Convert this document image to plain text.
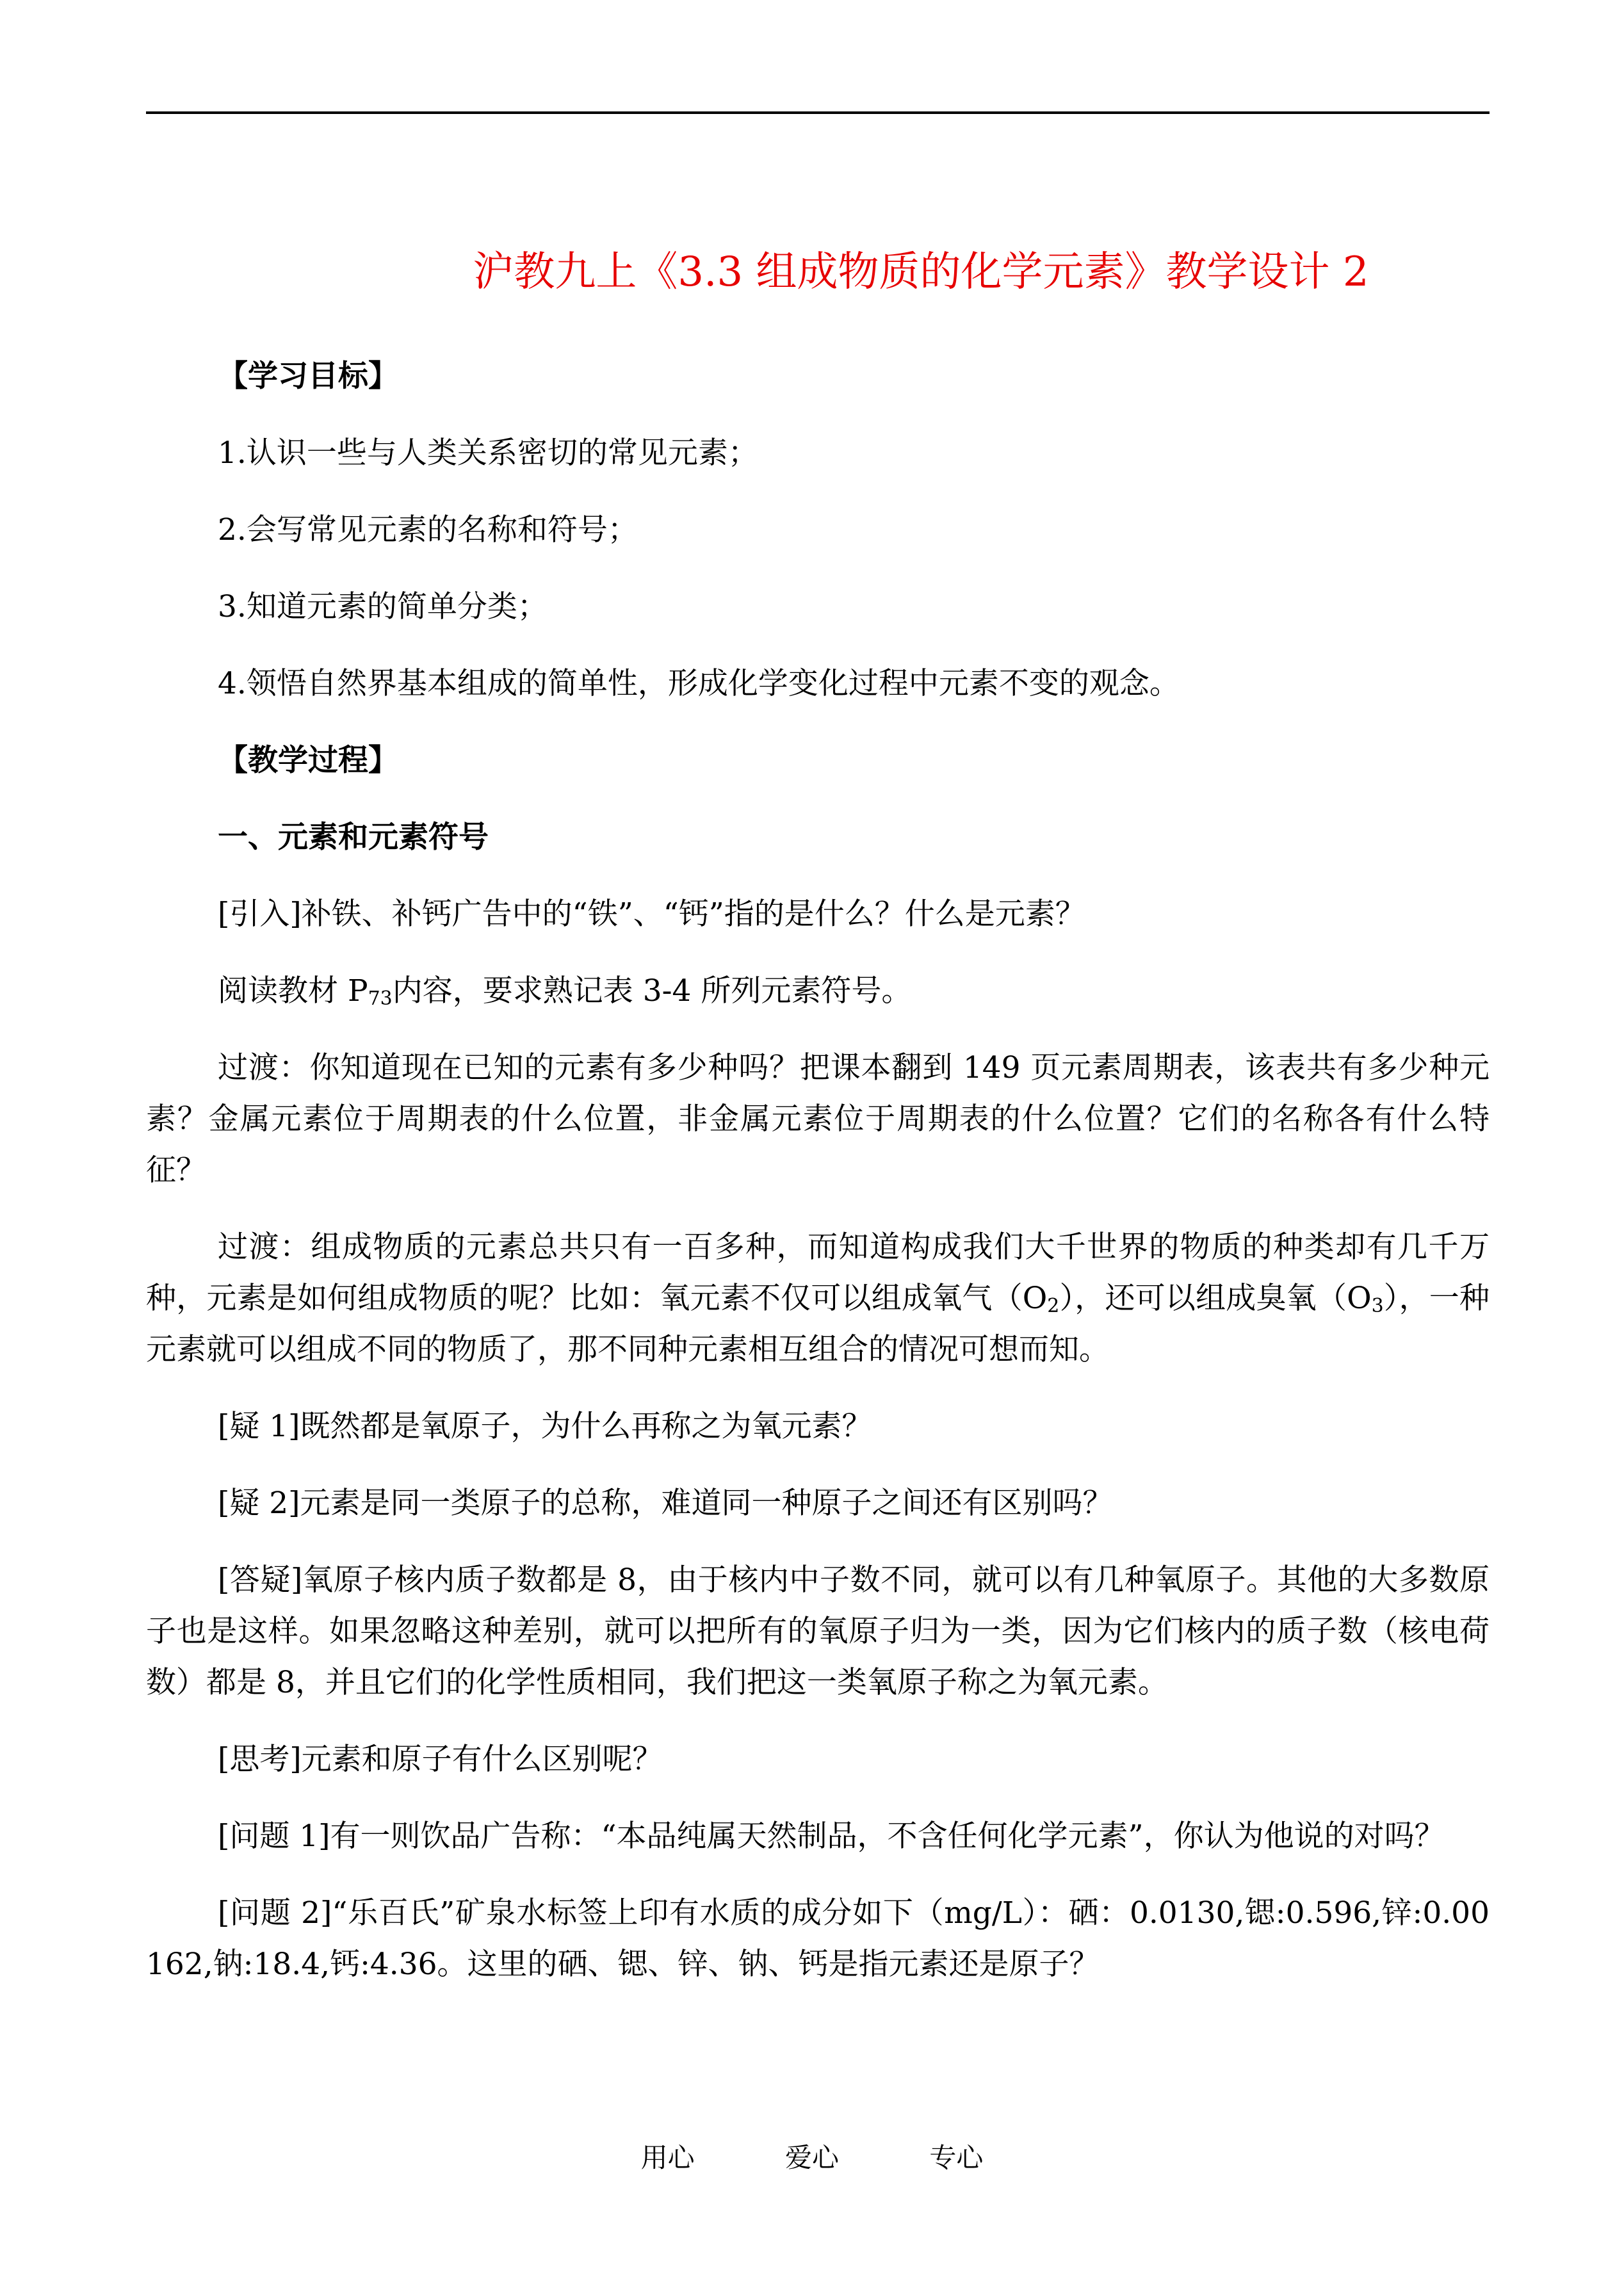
沪教九上《3.3 组成物质的化学元素》教学设计 2
【学习目标】
1.认识一些与人类关系密切的常见元素；
2.会写常见元素的名称和符号；
3.知道元素的简单分类；
4.领悟自然界基本组成的简单性，形成化学变化过程中元素不变的观念。
【教学过程】
一、元素和元素符号
[引入]补铁、补钙广告中的“铁”、“钙”指的是什么？什么是元素？
阅读教材 $P_{73}$内容，要求熟记表 3-4 所列元素符号。
过渡：你知道现在已知的元素有多少种吗？把课本翻到 149 页元素周期表，该表共有多少种元素？金属元素位于周期表的什么位置，非金属元素位于周期表的什么位置？它们的名称各有什么特征？
过渡：组成物质的元素总共只有一百多种，而知道构成我们大千世界的物质的种类却有几千万种，元素是如何组成物质的呢？比如：氧元素不仅可以组成氧气$(O_2)$，还可以组成臭氧$(O_3)$，一种元素就可以组成不同的物质了，那不同种元素相互组合的情况可想而知。
[疑 1]既然都是氧原子，为什么再称之为氧元素？
[疑 2]元素是同一类原子的总称，难道同一种原子之间还有区别吗？
[答疑]氧原子核内质子数都是 8，由于核内中子数不同，就可以有几种氧原子。其他的大多数原子也是这样。如果忽略这种差别，就可以把所有的氧原子归为一类，因为它们核内的质子数（核电荷数）都是 8，并且它们的化学性质相同，我们把这一类氧原子称之为氧元素。
[思考]元素和原子有什么区别呢？
[问题 1]有一则饮品广告称：“本品纯属天然制品，不含任何化学元素”，你认为他说的对吗？
[问题 2]“乐百氏”矿泉水标签上印有水质的成分如下（mg/L）：硒：0.0130,锶:0.596,锌:0.00162,钠:18.4,钙:4.36。这里的硒、锶、锌、钠、钙是指元素还是原子？
用心	爱心	专心
